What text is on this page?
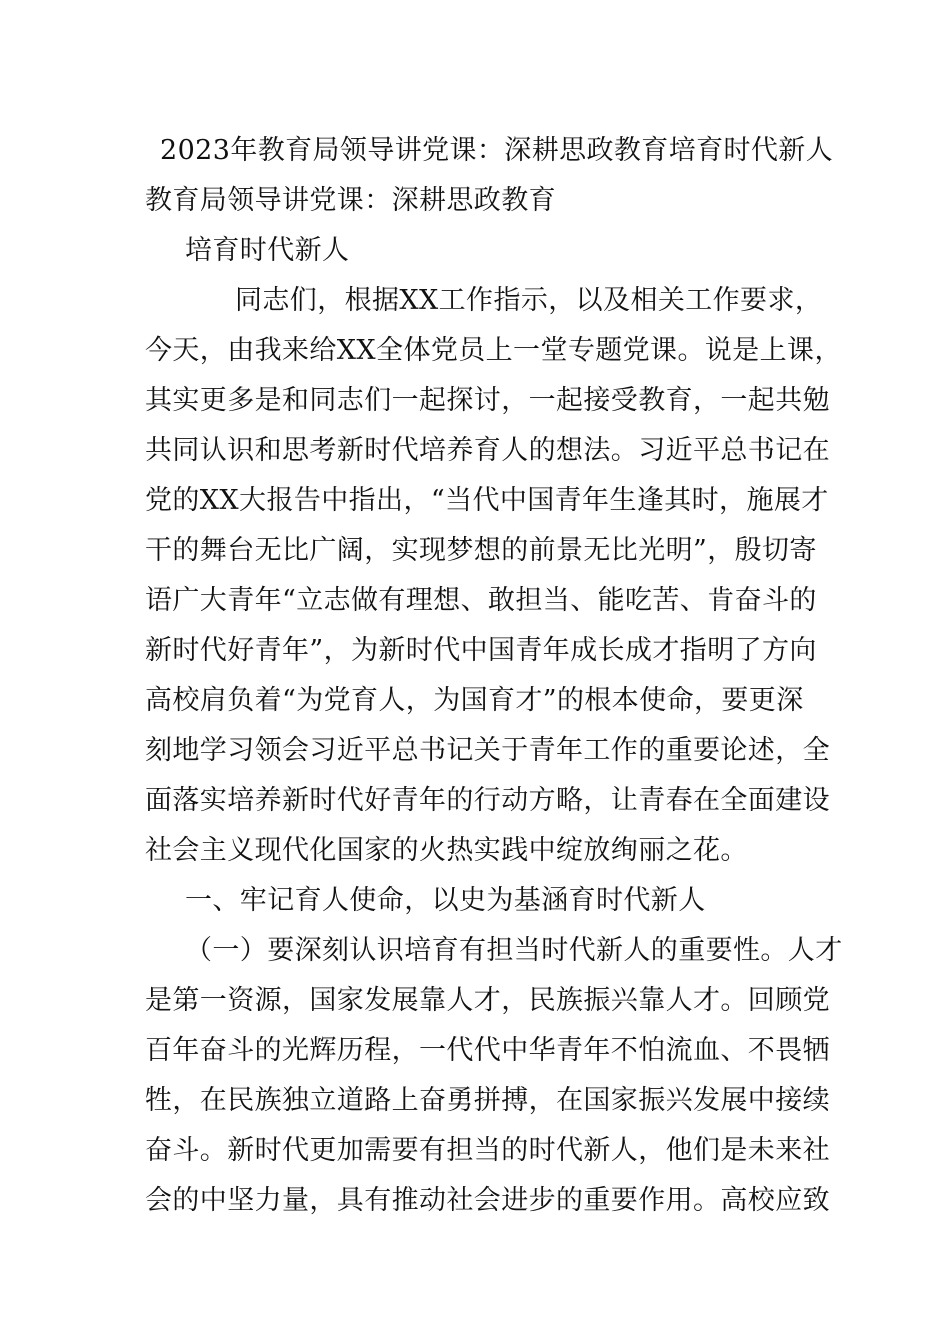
2023年教育局领导讲党课：深耕思政教育培育时代新人
教育局领导讲党课：深耕思政教育
培育时代新人
同志们，根据XX工作指示，以及相关工作要求，
今天，由我来给XX全体党员上一堂专题党课。说是上课，
其实更多是和同志们一起探讨，一起接受教育，一起共勉
共同认识和思考新时代培养育人的想法。习近平总书记在
党的XX大报告中指出，“当代中国青年生逢其时，施展才
干的舞台无比广阔，实现梦想的前景无比光明”，殷切寄
语广大青年“立志做有理想、敢担当、能吃苦、肯奋斗的
新时代好青年”，为新时代中国青年成长成才指明了方向
高校肩负着“为党育人，为国育才”的根本使命，要更深
刻地学习领会习近平总书记关于青年工作的重要论述，全
面落实培养新时代好青年的行动方略，让青春在全面建设
社会主义现代化国家的火热实践中绽放绚丽之花。
一、牢记育人使命，以史为基涵育时代新人
（一）要深刻认识培育有担当时代新人的重要性。人才
是第一资源，国家发展靠人才，民族振兴靠人才。回顾党
百年奋斗的光辉历程，一代代中华青年不怕流血、不畏牺
牲，在民族独立道路上奋勇拼搏，在国家振兴发展中接续
奋斗。新时代更加需要有担当的时代新人，他们是未来社
会的中坚力量，具有推动社会进步的重要作用。高校应致
